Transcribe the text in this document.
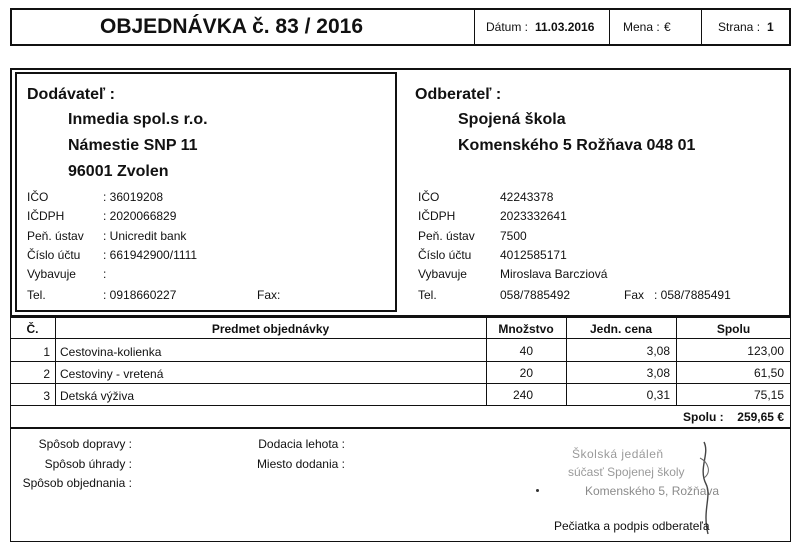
OBJEDNÁVKA č. 83 / 2016	Dátum : 11.03.2016 Mena : €	Strana : 1
Dodávateľ :
Inmedia spol.s r.o.
Námestie SNP 11
96001 Zvolen
IČO	: 36019208
IČDPH	: 2020066829
Peň. ústav : Unicredit bank
Číslo účtu : 661942900/1111
Vybavuje :
Tel.	: 0918660227	Fax :
Odberateľ :
Spojená škola
Komenského 5 Rožňava 048 01
IČO	42243378
IČDPH	2023332641
Peň. ústav 7500
Číslo účtu 4012585171
Vybavuje	Miroslava Barcziová
Tel.	058/7885492	Fax : 058/7885491
Č.	Predmet objednávky	Množstvo	Jedn. cena	Spolu
1 Cestovina-kolienka	40	3,08	123,00
2 Cestoviny - vretená	20	3,08	61,50
3 Detská výživa	240	0,31	75,15
Spolu :	259,65 €
Spôsob dopravy :
Spôsob úhrady :
Spôsob objednania :
Dodacia lehota :
Miesto dodania :
Školská jedáleň
súčasť Spojenej školy
Komenského 5, Rožňava
Pečiatka a podpis odberateľa
